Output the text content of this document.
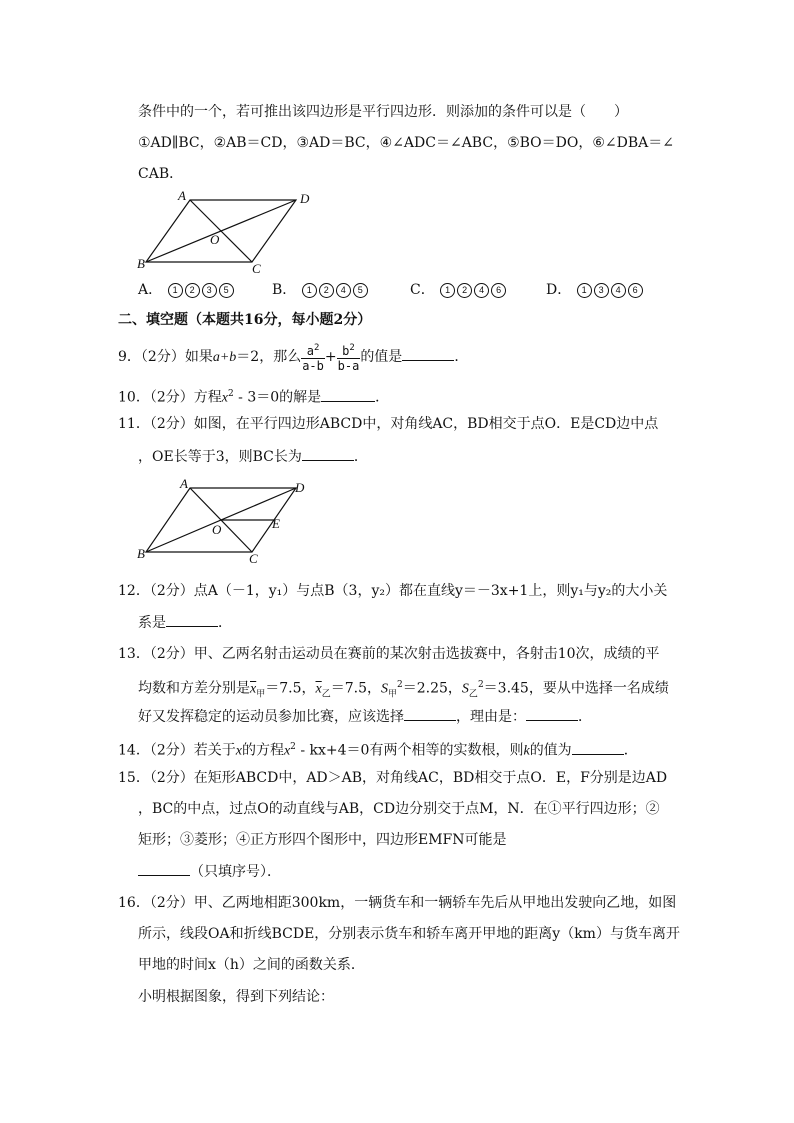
条件中的一个，若可推出该四边形是平行四边形．则添加的条件可以是（　　）
①AD∥BC，②AB＝CD，③AD＝BC，④∠ADC＝∠ABC，⑤BO＝DO，⑥∠DBA＝∠
CAB．
A	D
B	C
O
A． 1 2 3 5	B． 1 2 4 5	C． 1 2 4 6	D． 1 3 4 6
二、填空题（本题共16分，每小题2分）
9．（2分）如果a+b＝2，那么 $\frac{a^2}{a-b} + \frac{b^2}{b-a}$ 的值是	．
10．（2分）方程$x^2 - 3=0$的解是	．
11．（2分）如图，在平行四边形ABCD中，对角线AC，BD相交于点O．E是CD边中点
，OE长等于3，则BC长为	．
A	D
B	C
O	E
12．（2分）点A（－1，y₁）与点B（3，y₂）都在直线y＝－3x+1上，则y₁与y₂的大小关
系是	．
13．（2分）甲、乙两名射击运动员在赛前的某次射击选拔赛中，各射击10次，成绩的平
均数和方差分别是$\overline{x}_甲=7.5$，$\overline{x}_乙=7.5$，$S_甲^2=2.25$，$S_乙^2=3.45$，要从中选择一名成绩
好又发挥稳定的运动员参加比赛，应该选择	，理由是：	．
14．（2分）若关于x的方程$x^2 - kx+4=0$有两个相等的实数根，则k的值为	．
15．（2分）在矩形ABCD中，AD＞AB，对角线AC，BD相交于点O．E，F分别是边AD
，BC的中点，过点O的动直线与AB，CD边分别交于点M，N．在①平行四边形；②
矩形；③菱形；④正方形四个图形中，四边形EMFN可能是
（只填序号）．
16．（2分）甲、乙两地相距300km，一辆货车和一辆轿车先后从甲地出发驶向乙地，如图
所示，线段OA和折线BCDE，分别表示货车和轿车离开甲地的距离y（km）与货车离开
甲地的时间x（h）之间的函数关系．
小明根据图象，得到下列结论：
